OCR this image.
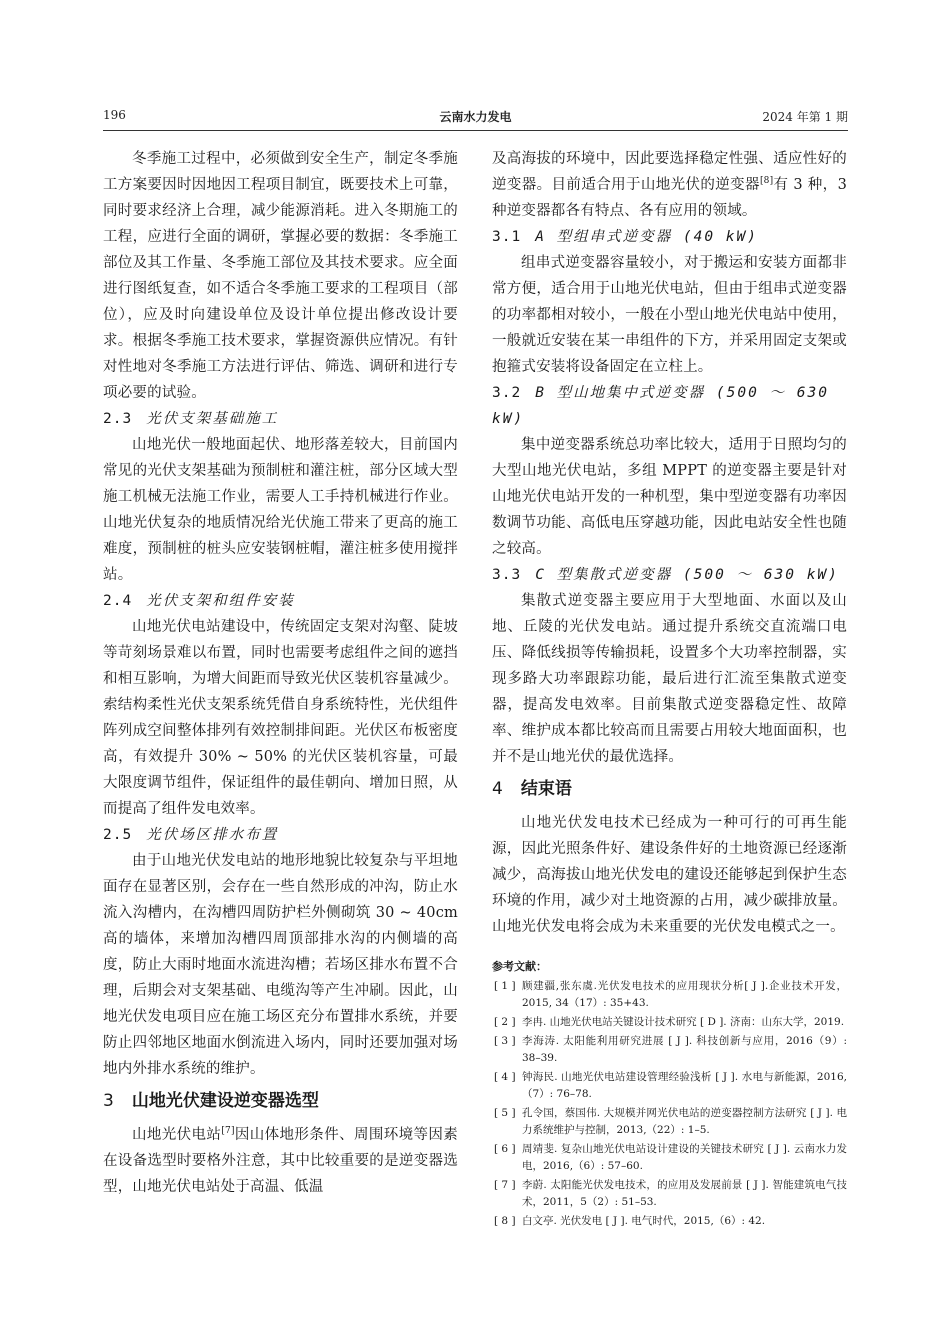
196	云南水力发电	2024 年第 1 期

冬季施工过程中，必须做到安全生产，制定冬季施工方案要因时因地因工程项目制宜，既要技术上可靠，同时要求经济上合理，减少能源消耗。进入冬期施工的工程，应进行全面的调研，掌握必要的数据：冬季施工部位及其工作量、冬季施工部位及其技术要求。应全面进行图纸复查，如不适合冬季施工要求的工程项目（部位），应及时向建设单位及设计单位提出修改设计要求。根据冬季施工技术要求，掌握资源供应情况。有针对性地对冬季施工方法进行评估、筛选、调研和进行专项必要的试验。

2.3 光伏支架基础施工

山地光伏一般地面起伏、地形落差较大，目前国内常见的光伏支架基础为预制桩和灌注桩，部分区域大型施工机械无法施工作业，需要人工手持机械进行作业。山地光伏复杂的地质情况给光伏施工带来了更高的施工难度，预制桩的桩头应安装钢桩帽，灌注桩多使用搅拌站。

2.4 光伏支架和组件安装

山地光伏电站建设中，传统固定支架对沟壑、陡坡等苛刻场景难以布置，同时也需要考虑组件之间的遮挡和相互影响，为增大间距而导致光伏区装机容量减少。索结构柔性光伏支架系统凭借自身系统特性，光伏组件阵列成空间整体排列有效控制排间距。光伏区布板密度高，有效提升 30% ~ 50% 的光伏区装机容量，可最大限度调节组件，保证组件的最佳朝向、增加日照，从而提高了组件发电效率。

2.5 光伏场区排水布置

由于山地光伏发电站的地形地貌比较复杂与平坦地面存在显著区别，会存在一些自然形成的冲沟，防止水流入沟槽内，在沟槽四周防护栏外侧砌筑 30 ~ 40cm 高的墙体，来增加沟槽四周顶部排水沟的内侧墙的高度，防止大雨时地面水流进沟槽；若场区排水布置不合理，后期会对支架基础、电缆沟等产生冲刷。因此，山地光伏发电项目应在施工场区充分布置排水系统，并要防止四邻地区地面水倒流进入场内，同时还要加强对场地内外排水系统的维护。

3 山地光伏建设逆变器选型

山地光伏电站[7]因山体地形条件、周围环境等因素在设备选型时要格外注意，其中比较重要的是逆变器选型，山地光伏电站处于高温、低温

及高海拔的环境中，因此要选择稳定性强、适应性好的逆变器。目前适合用于山地光伏的逆变器[8]有 3 种，3 种逆变器都各有特点、各有应用的领域。

3.1 A 型组串式逆变器 (40 kW)

组串式逆变器容量较小，对于搬运和安装方面都非常方便，适合用于山地光伏电站，但由于组串式逆变器的功率都相对较小，一般在小型山地光伏电站中使用，一般就近安装在某一串组件的下方，并采用固定支架或抱箍式安装将设备固定在立柱上。

3.2 B 型山地集中式逆变器 (500 ～ 630 kW)

集中逆变器系统总功率比较大，适用于日照均匀的大型山地光伏电站，多组 MPPT 的逆变器主要是针对山地光伏电站开发的一种机型，集中型逆变器有功率因数调节功能、高低电压穿越功能，因此电站安全性也随之较高。

3.3 C 型集散式逆变器 (500 ～ 630 kW)

集散式逆变器主要应用于大型地面、水面以及山地、丘陵的光伏发电站。通过提升系统交直流端口电压、降低线损等传输损耗，设置多个大功率控制器，实现多路大功率跟踪功能，最后进行汇流至集散式逆变器，提高发电效率。目前集散式逆变器稳定性、故障率、维护成本都比较高而且需要占用较大地面面积，也并不是山地光伏的最优选择。

4 结束语

山地光伏发电技术已经成为一种可行的可再生能源，因此光照条件好、建设条件好的土地资源已经逐渐减少，高海拔山地光伏发电的建设还能够起到保护生态环境的作用，减少对土地资源的占用，减少碳排放量。山地光伏发电将会成为未来重要的光伏发电模式之一。

参考文献：
[ 1 ] 顾建疆,张东虞.光伏发电技术的应用现状分析[ J ].企业技术开发，2015, 34（17）: 35+43.
[ 2 ] 李冉. 山地光伏电站关键设计技术研究 [ D ]. 济南：山东大学，2019.
[ 3 ] 李海涛. 太阳能利用研究进展 [ J ]. 科技创新与应用，2016（9）: 38–39.
[ 4 ] 钟海民. 山地光伏电站建设管理经验浅析 [ J ]. 水电与新能源，2016,（7）: 76–78.
[ 5 ] 孔令国，蔡国伟. 大规模并网光伏电站的逆变器控制方法研究 [ J ]. 电力系统维护与控制，2013,（22）: 1–5.
[ 6 ] 周靖斐. 复杂山地光伏电站设计建设的关键技术研究 [ J ]. 云南水力发电，2016,（6）: 57–60.
[ 7 ] 李蔚. 太阳能光伏发电技术，的应用及发展前景 [ J ]. 智能建筑电气技术，2011，5（2）: 51–53.
[ 8 ] 白文亭. 光伏发电 [ J ]. 电气时代，2015,（6）: 42.
